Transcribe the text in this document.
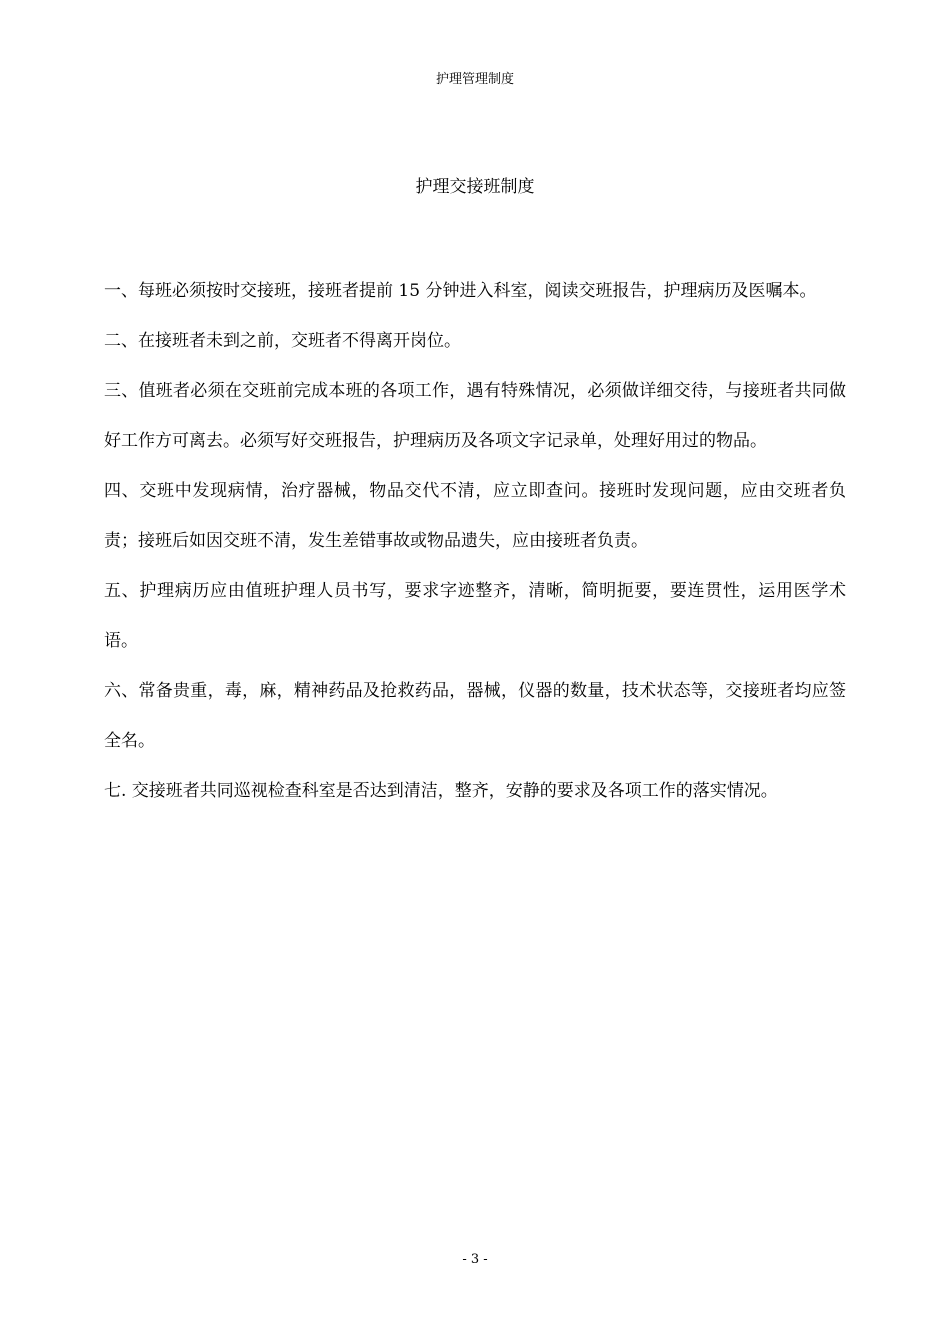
护理管理制度
护理交接班制度

一、每班必须按时交接班，接班者提前 15 分钟进入科室，阅读交班报告，护理病历及医嘱本。

二、在接班者未到之前，交班者不得离开岗位。

三、值班者必须在交班前完成本班的各项工作，遇有特殊情况，必须做详细交待，与接班者共同做好工作方可离去。必须写好交班报告，护理病历及各项文字记录单，处理好用过的物品。

四、交班中发现病情，治疗器械，物品交代不清，应立即查问。接班时发现问题，应由交班者负责；接班后如因交班不清，发生差错事故或物品遗失，应由接班者负责。

五、护理病历应由值班护理人员书写，要求字迹整齐，清晰，简明扼要，要连贯性，运用医学术语。

六、常备贵重，毒，麻，精神药品及抢救药品，器械，仪器的数量，技术状态等，交接班者均应签全名。

七. 交接班者共同巡视检查科室是否达到清洁，整齐，安静的要求及各项工作的落实情况。

- 3 -
